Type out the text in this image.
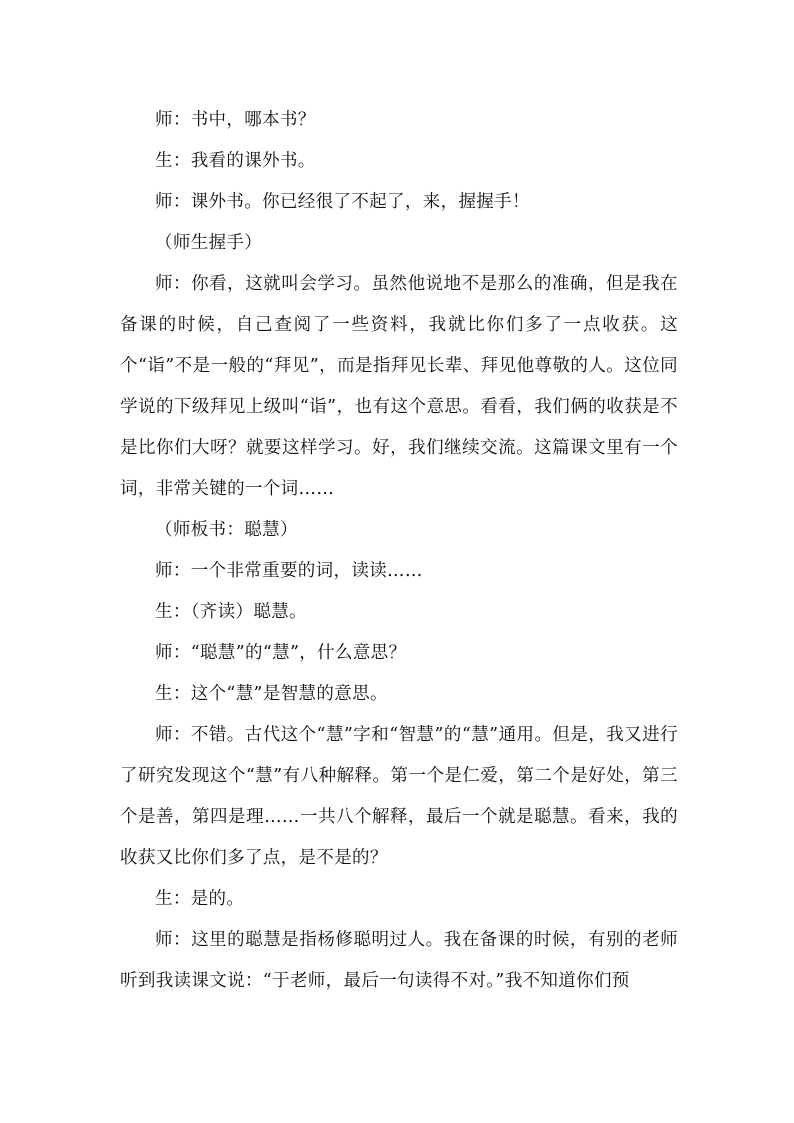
师：书中，哪本书？

生：我看的课外书。

师：课外书。你已经很了不起了，来，握握手！

（师生握手）

师：你看，这就叫会学习。虽然他说地不是那么的准确，但是我在备课的时候，自己查阅了一些资料，我就比你们多了一点收获。这个“诣”不是一般的“拜见”，而是指拜见长辈、拜见他尊敬的人。这位同学说的下级拜见上级叫“诣”，也有这个意思。看看，我们俩的收获是不是比你们大呀？就要这样学习。好，我们继续交流。这篇课文里有一个词，非常关键的一个词……

（师板书：聪慧）

师：一个非常重要的词，读读……

生：（齐读）聪慧。

师：“聪慧”的“慧”，什么意思？

生：这个“慧”是智慧的意思。

师：不错。古代这个“慧”字和“智慧”的“慧”通用。但是，我又进行了研究发现这个“慧”有八种解释。第一个是仁爱，第二个是好处，第三个是善，第四是理……一共八个解释，最后一个就是聪慧。看来，我的收获又比你们多了点，是不是的？

生：是的。

师：这里的聪慧是指杨修聪明过人。我在备课的时候，有别的老师听到我读课文说：“于老师，最后一句读得不对。”我不知道你们预
